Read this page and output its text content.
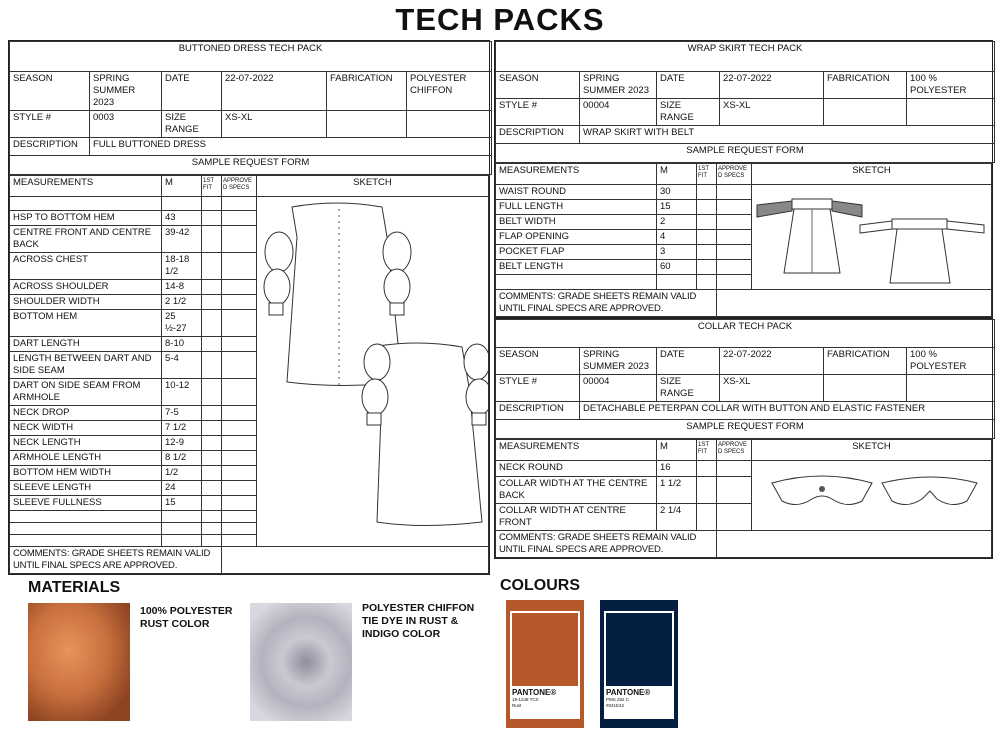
TECH PACKS
BUTTONED DRESS TECH PACK					
SEASON	SPRING SUMMER 2023	DATE	22-07-2022	FABRICATION	POLYESTER CHIFFON
STYLE #	0003	SIZE RANGE	XS-XL		
DESCRIPTION	FULL BUTTONED DRESS				
SAMPLE REQUEST FORM					
MEASUREMENTS	M	1ST FIT	APPROVE D SPECS	SKETCH

HSP TO BOTTOM HEM	43			
CENTRE FRONT AND CENTRE BACK	39-42			
ACROSS CHEST	18-18 1/2			
ACROSS SHOULDER	14-8			
SHOULDER WIDTH	2 1/2			
BOTTOM HEM	25 ½-27			
DART LENGTH	8-10			
LENGTH BETWEEN DART AND SIDE SEAM	5-4			
DART ON SIDE SEAM FROM ARMHOLE	10-12			
NECK DROP	7-5			
NECK WIDTH	7 1/2			
NECK LENGTH	12-9			
ARMHOLE LENGTH	8 1/2			
BOTTOM HEM WIDTH	1/2			
SLEEVE LENGTH	24			
SLEEVE FULLNESS	15			

COMMENTS: GRADE SHEETS REMAIN VALID UNTIL FINAL SPECS ARE APPROVED.				
WRAP SKIRT TECH PACK					
SEASON	SPRING SUMMER 2023	DATE	22-07-2022	FABRICATION	100 % POLYESTER
STYLE #	00004	SIZE RANGE	XS-XL		
DESCRIPTION	WRAP SKIRT WITH BELT				
SAMPLE REQUEST FORM					
MEASUREMENTS	M	1ST FIT	APPROVE D SPECS	SKETCH
WAIST ROUND	30			

FULL LENGTH	15			
BELT WIDTH	2			
FLAP OPENING	4			
POCKET FLAP	3			
BELT LENGTH	60			

COMMENTS: GRADE SHEETS REMAIN VALID UNTIL FINAL SPECS ARE APPROVED.				
COLLAR TECH PACK					
SEASON	SPRING SUMMER 2023	DATE	22-07-2022	FABRICATION	100 % POLYESTER
STYLE #	00004	SIZE RANGE	XS-XL		
DESCRIPTION	DETACHABLE PETERPAN COLLAR WITH BUTTON AND ELASTIC FASTENER				
SAMPLE REQUEST FORM					
MEASUREMENTS	M	1ST FIT	APPROVE D SPECS	SKETCH
NECK ROUND	16			

COLLAR WIDTH AT THE CENTRE BACK	1 1/2			
COLLAR WIDTH AT CENTRE FRONT	2 1/4			
COMMENTS: GRADE SHEETS REMAIN VALID UNTIL FINAL SPECS ARE APPROVED.				
MATERIALS
100% POLYESTER RUST COLOR
POLYESTER CHIFFON TIE DYE IN RUST & INDIGO COLOR
COLOURS
PANTONE®
18-1248 TCX
Rust
PANTONE®
PMS 282 C
#041E42
